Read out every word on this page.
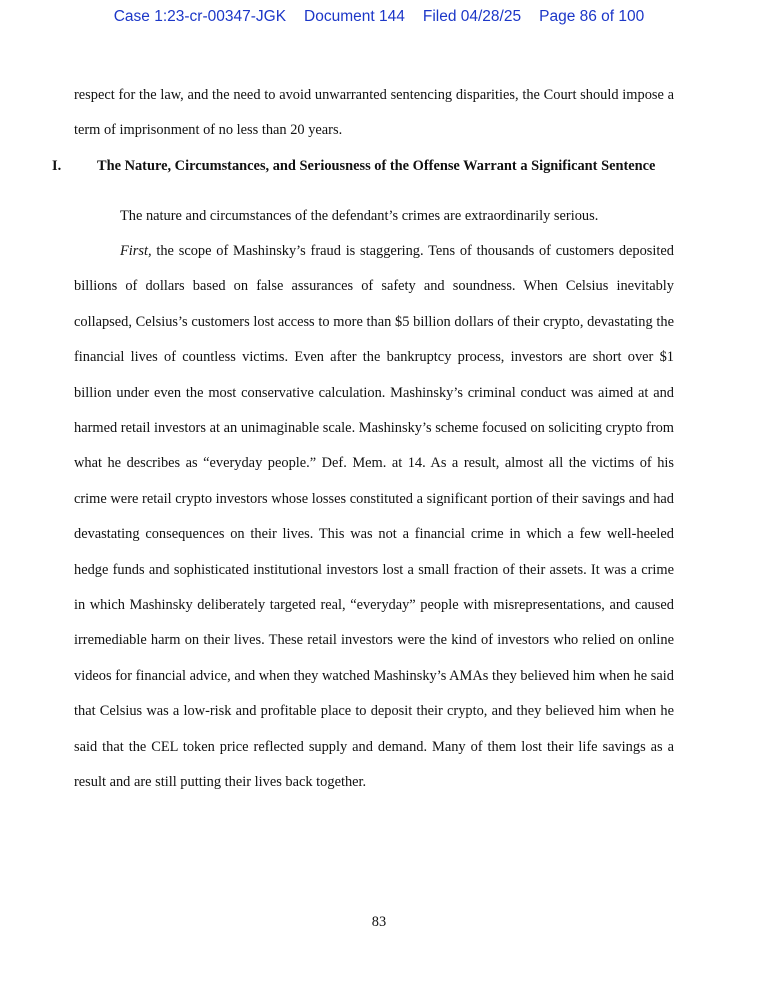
Case 1:23-cr-00347-JGK Document 144 Filed 04/28/25 Page 86 of 100
respect for the law, and the need to avoid unwarranted sentencing disparities, the Court should impose a term of imprisonment of no less than 20 years.
I. The Nature, Circumstances, and Seriousness of the Offense Warrant a Significant Sentence

The nature and circumstances of the defendant’s crimes are extraordinarily serious.

First, the scope of Mashinsky’s fraud is staggering. Tens of thousands of customers deposited billions of dollars based on false assurances of safety and soundness. When Celsius inevitably collapsed, Celsius’s customers lost access to more than $5 billion dollars of their crypto, devastating the financial lives of countless victims. Even after the bankruptcy process, investors are short over $1 billion under even the most conservative calculation. Mashinsky’s criminal conduct was aimed at and harmed retail investors at an unimaginable scale. Mashinsky’s scheme focused on soliciting crypto from what he describes as “everyday people.” Def. Mem. at 14. As a result, almost all the victims of his crime were retail crypto investors whose losses constituted a significant portion of their savings and had devastating consequences on their lives. This was not a financial crime in which a few well-heeled hedge funds and sophisticated institutional investors lost a small fraction of their assets. It was a crime in which Mashinsky deliberately targeted real, “everyday” people with misrepresentations, and caused irremediable harm on their lives. These retail investors were the kind of investors who relied on online videos for financial advice, and when they watched Mashinsky’s AMAs they believed him when he said that Celsius was a low-risk and profitable place to deposit their crypto, and they believed him when he said that the CEL token price reflected supply and demand. Many of them lost their life savings as a result and are still putting their lives back together.

83
